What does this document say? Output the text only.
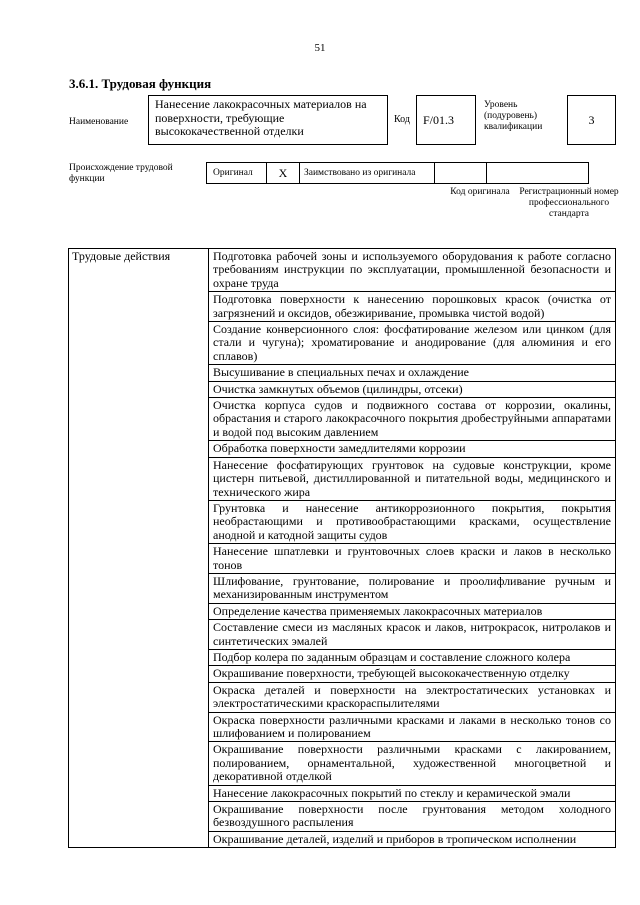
51
3.6.1. Трудовая функция
Наименование
Нанесение лакокрасочных материалов на поверхности, требующие высококачественной отделки
Код	F/01.3
Уровень (подуровень) квалификации	3
Происхождение трудовой функции
Оригинал	X	Заимствовано из оригинала
Код оригинала	Регистрационный номер профессионального стандарта
Трудовые действия	Подготовка рабочей зоны и используемого оборудования к работе согласно требованиям инструкции по эксплуатации, промышленной безопасности и охране труда
Подготовка поверхности к нанесению порошковых красок (очистка от загрязнений и оксидов, обезжиривание, промывка чистой водой)
Создание конверсионного слоя: фосфатирование железом или цинком (для стали и чугуна); хроматирование и анодирование (для алюминия и его сплавов)
Высушивание в специальных печах и охлаждение
Очистка замкнутых объемов (цилиндры, отсеки)
Очистка корпуса судов и подвижного состава от коррозии, окалины, обрастания и старого лакокрасочного покрытия дробеструйными аппаратами и водой под высоким давлением
Обработка поверхности замедлителями коррозии
Нанесение фосфатирующих грунтовок на судовые конструкции, кроме цистерн питьевой, дистиллированной и питательной воды, медицинского и технического жира
Грунтовка и нанесение антикоррозионного покрытия, покрытия необрастающими и противообрастающими красками, осуществление анодной и катодной защиты судов
Нанесение шпатлевки и грунтовочных слоев краски и лаков в несколько тонов
Шлифование, грунтование, полирование и проолифливание ручным и механизированным инструментом
Определение качества применяемых лакокрасочных материалов
Составление смеси из масляных красок и лаков, нитрокрасок, нитролаков и синтетических эмалей
Подбор колера по заданным образцам и составление сложного колера
Окрашивание поверхности, требующей высококачественную отделку
Окраска деталей и поверхности на электростатических установках и электростатическими краскораспылителями
Окраска поверхности различными красками и лаками в несколько тонов со шлифованием и полированием
Окрашивание поверхности различными красками с лакированием, полированием, орнаментальной, художественной многоцветной и декоративной отделкой
Нанесение лакокрасочных покрытий по стеклу и керамической эмали
Окрашивание поверхности после грунтования методом холодного безвоздушного распыления
Окрашивание деталей, изделий и приборов в тропическом исполнении
